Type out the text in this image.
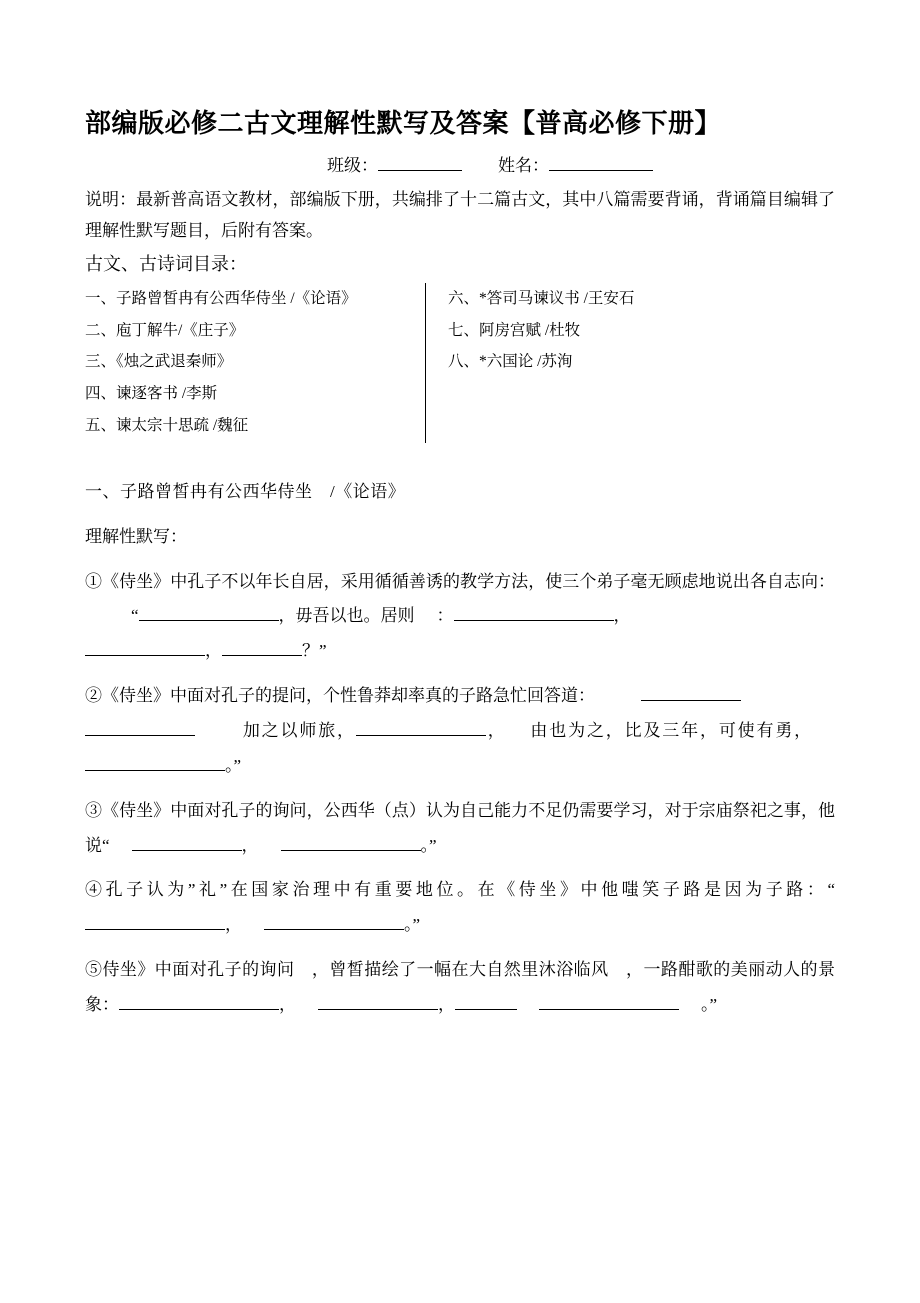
部编版必修二古文理解性默写及答案【普高必修下册】
班级：	姓名：
说明：最新普高语文教材，部编版下册，共编排了十二篇古文，其中八篇需要背诵，背诵篇目编辑了理解性默写题目，后附有答案。
古文、古诗词目录：
一、子路曾皙冉有公西华侍坐 /《论语》
二、庖丁解牛/《庄子》
三、《烛之武退秦师》
四、谏逐客书 /李斯
五、谏太宗十思疏 /魏征
六、*答司马谏议书 /王安石
七、阿房宫赋 /杜牧
八、*六国论 /苏洵
一、子路曾皙冉有公西华侍坐　/《论语》
理解性默写：
①《侍坐》中孔子不以年长自居，采用循循善诱的教学方法，使三个弟子毫无顾虑地说出各自志向：“	，毋吾以也。居则 ：	，
，	？”
②《侍坐》中面对孔子的提问，个性鲁莽却率真的子路急忙回答道：
加之以师旅，	， 由也为之，比及三年，可使有勇，。”
③《侍坐》中面对孔子的询问，公西华（点）认为自己能力不足仍需要学习，对于宗庙祭祀之事，他说“	，	。”
④孔子认为”礼”在国家治理中有重要地位。在《侍坐》中他嗤笑子路是因为子路：“，	。”
⑤侍坐》中面对孔子的询问　，曾皙描绘了一幅在大自然里沐浴临风　，一路酣歌的美丽动人的景象：	，	，	。”
